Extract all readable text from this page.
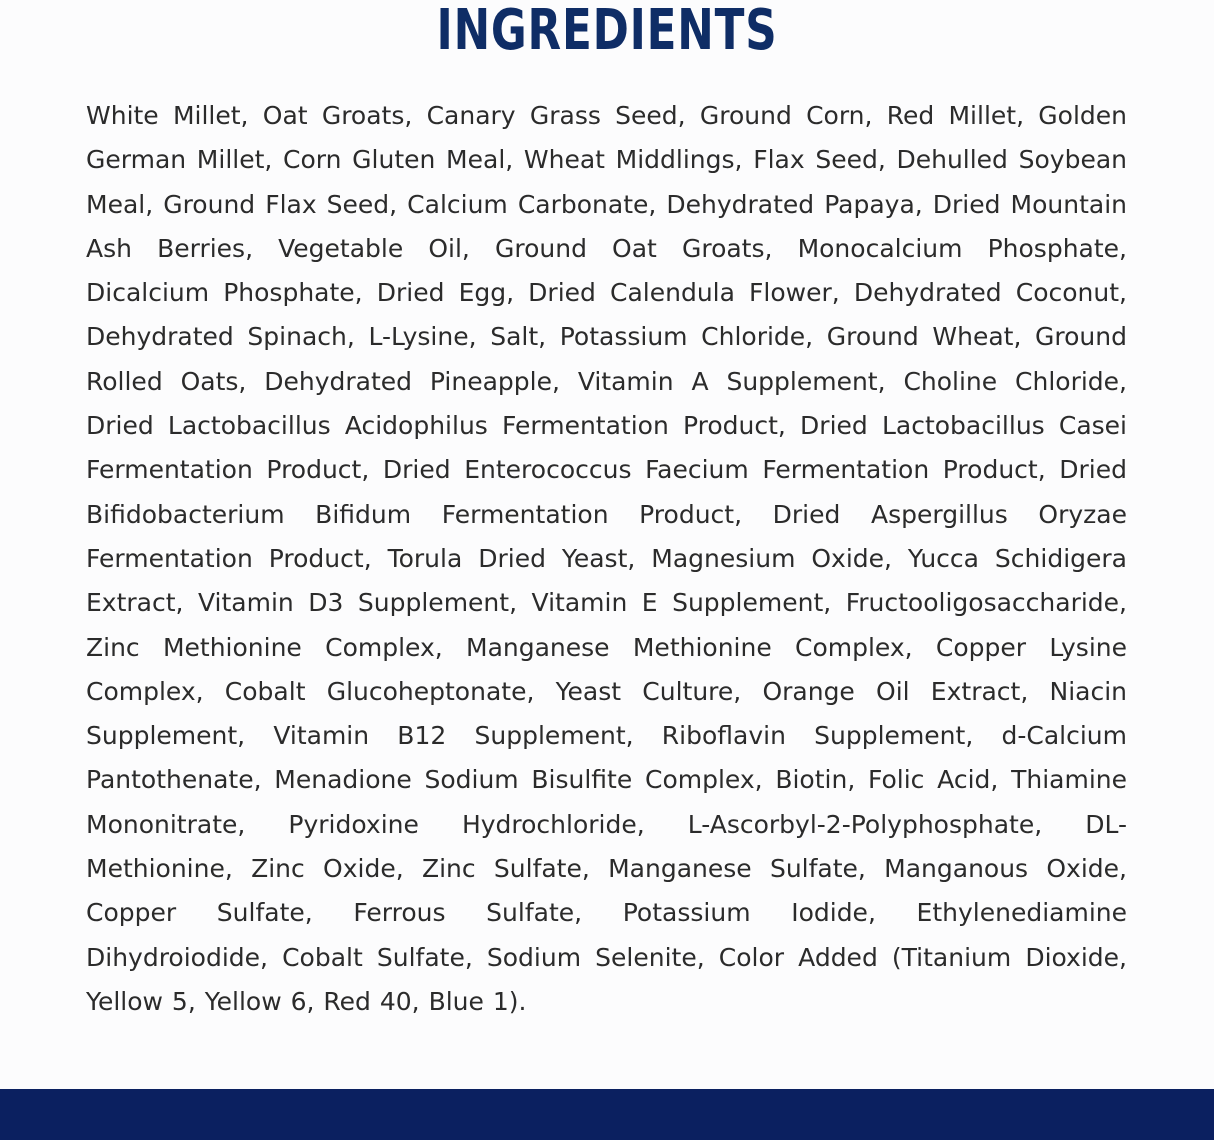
INGREDIENTS

White Millet, Oat Groats, Canary Grass Seed, Ground Corn, Red Millet, Golden German Millet, Corn Gluten Meal, Wheat Middlings, Flax Seed, Dehulled Soybean Meal, Ground Flax Seed, Calcium Carbonate, Dehydrated Papaya, Dried Mountain Ash Berries, Vegetable Oil, Ground Oat Groats, Monocalcium Phosphate, Dicalcium Phosphate, Dried Egg, Dried Calendula Flower, Dehydrated Coconut, Dehydrated Spinach, L-Lysine, Salt, Potassium Chloride, Ground Wheat, Ground Rolled Oats, Dehydrated Pineapple, Vitamin A Supplement, Choline Chloride, Dried Lactobacillus Acidophilus Fermentation Product, Dried Lactobacillus Casei Fermentation Product, Dried Enterococcus Faecium Fermentation Product, Dried Bifidobacterium Bifidum Fermentation Product, Dried Aspergillus Oryzae Fermentation Product, Torula Dried Yeast, Magnesium Oxide, Yucca Schidigera Extract, Vitamin D3 Supplement, Vitamin E Supplement, Fructooligosaccharide, Zinc Methionine Complex, Manganese Methionine Complex, Copper Lysine Complex, Cobalt Glucoheptonate, Yeast Culture, Orange Oil Extract, Niacin Supplement, Vitamin B12 Supplement, Riboflavin Supplement, d-Calcium Pantothenate, Menadione Sodium Bisulfite Complex, Biotin, Folic Acid, Thiamine Mononitrate, Pyridoxine Hydrochloride, L-Ascorbyl-2-Polyphosphate, DL-Methionine, Zinc Oxide, Zinc Sulfate, Manganese Sulfate, Manganous Oxide, Copper Sulfate, Ferrous Sulfate, Potassium Iodide, Ethylenediamine Dihydroiodide, Cobalt Sulfate, Sodium Selenite, Color Added (Titanium Dioxide, Yellow 5, Yellow 6, Red 40, Blue 1).
